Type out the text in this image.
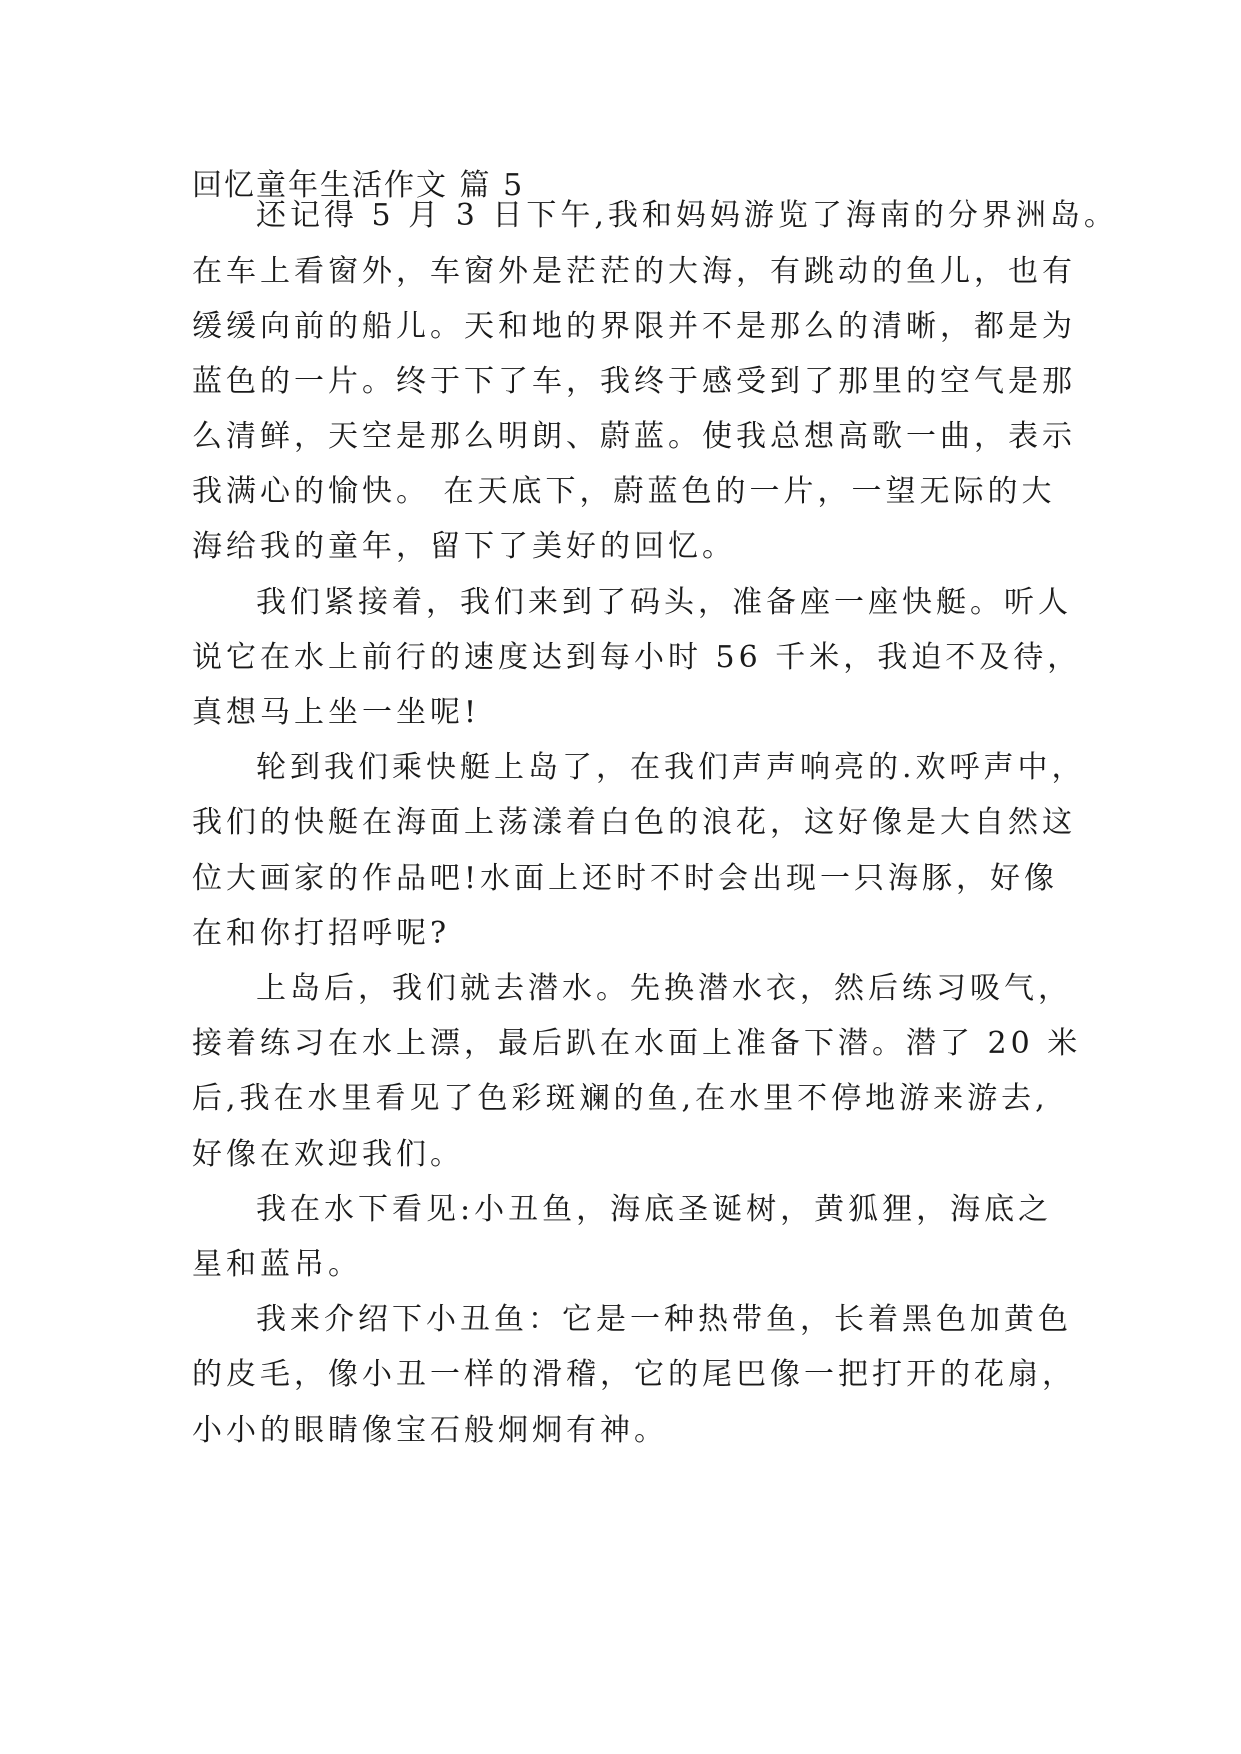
回忆童年生活作文 篇 5
还记得 5 月 3 日下午,我和妈妈游览了海南的分界洲岛。
在车上看窗外，车窗外是茫茫的大海，有跳动的鱼儿，也有
缓缓向前的船儿。天和地的界限并不是那么的清晰，都是为
蓝色的一片。终于下了车，我终于感受到了那里的空气是那
么清鲜，天空是那么明朗、蔚蓝。使我总想高歌一曲，表示
我满心的愉快。 在天底下，蔚蓝色的一片，一望无际的大
海给我的童年，留下了美好的回忆。
我们紧接着，我们来到了码头，准备座一座快艇。听人
说它在水上前行的速度达到每小时 56 千米，我迫不及待，
真想马上坐一坐呢!
轮到我们乘快艇上岛了，在我们声声响亮的.欢呼声中，
我们的快艇在海面上荡漾着白色的浪花，这好像是大自然这
位大画家的作品吧!水面上还时不时会出现一只海豚，好像
在和你打招呼呢?
上岛后，我们就去潜水。先换潜水衣，然后练习吸气，
接着练习在水上漂，最后趴在水面上准备下潜。潜了 20 米
后,我在水里看见了色彩斑斓的鱼,在水里不停地游来游去,
好像在欢迎我们。
我在水下看见:小丑鱼，海底圣诞树，黄狐狸，海底之
星和蓝吊。
我来介绍下小丑鱼：它是一种热带鱼，长着黑色加黄色
的皮毛，像小丑一样的滑稽，它的尾巴像一把打开的花扇，
小小的眼睛像宝石般炯炯有神。
